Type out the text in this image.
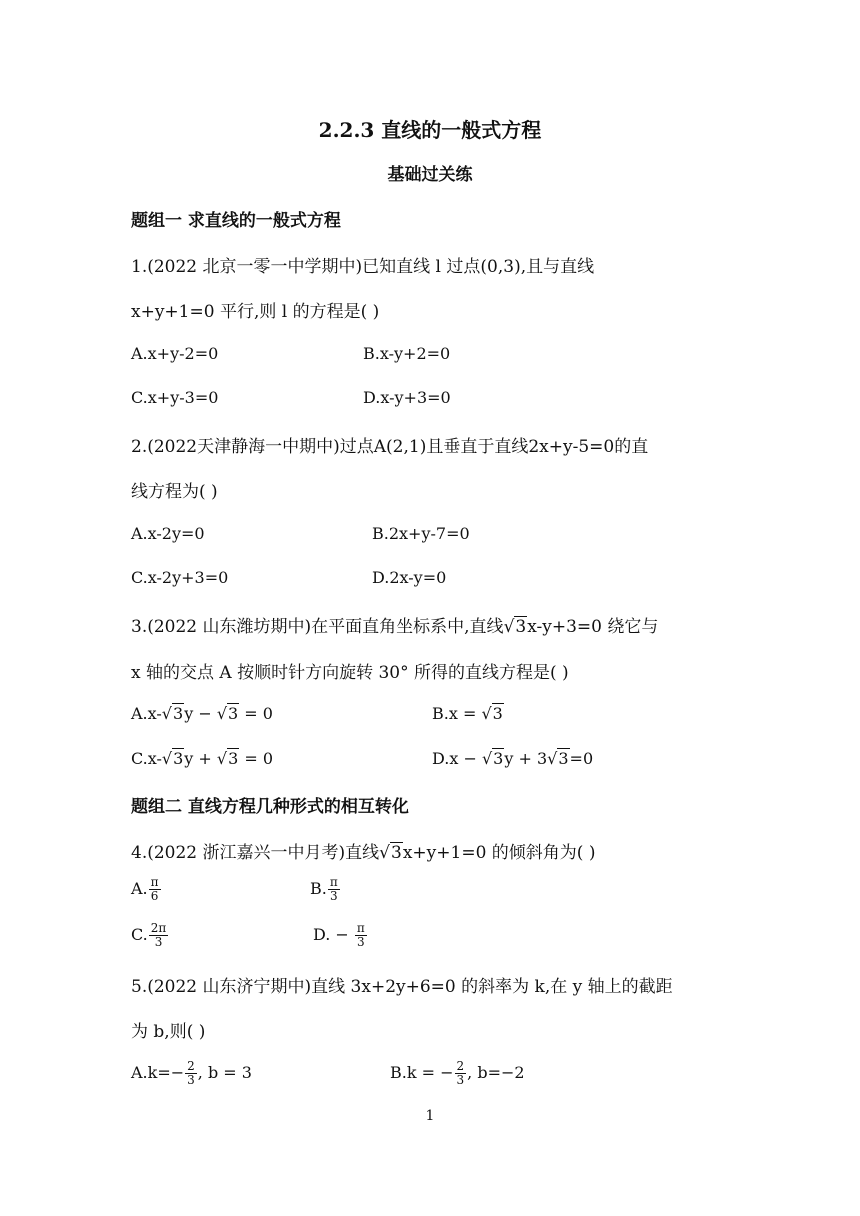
2.2.3 直线的一般式方程
基础过关练
题组一 求直线的一般式方程
1.(2022 北京一零一中学期中)已知直线 l 过点(0,3),且与直线
x+y+1=0 平行,则 l 的方程是( )
A.x+y-2=0	B.x-y+2=0
C.x+y-3=0	D.x-y+3=0
2.(2022天津静海一中期中)过点A(2,1)且垂直于直线2x+y-5=0的直
线方程为( )
A.x-2y=0	B.2x+y-7=0
C.x-2y+3=0	D.2x-y=0
3.(2022 山东潍坊期中)在平面直角坐标系中,直线√3x-y+3=0 绕它与
x 轴的交点 A 按顺时针方向旋转 30° 所得的直线方程是( )
A.x-√3y − √3 = 0	B.x = √3
C.x-√3y + √3 = 0	D.x − √3y + 3√3=0
题组二 直线方程几种形式的相互转化
4.(2022 浙江嘉兴一中月考)直线√3x+y+1=0 的倾斜角为( )
A. $\frac{\pi}{6}$	B. $\frac{\pi}{3}$
C. $\frac{2\pi}{3}$	D. − $\frac{\pi}{3}$
5.(2022 山东济宁期中)直线 3x+2y+6=0 的斜率为 k,在 y 轴上的截距
为 b,则( )
$A.k=- \frac{2}{3}$ , b = 3	B.k = − $\frac{2}{3}$ , b=−2
1
